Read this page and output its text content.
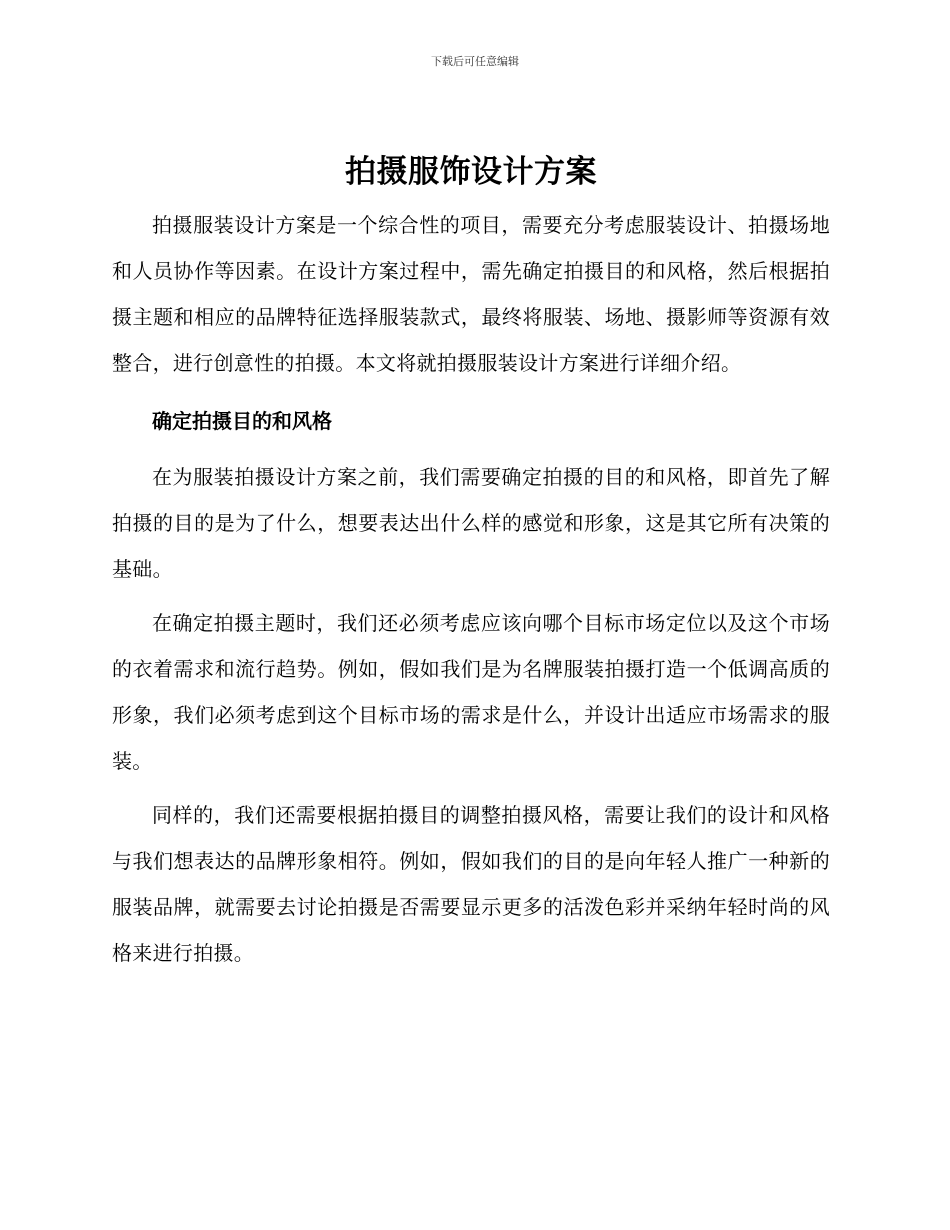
下载后可任意编辑
拍摄服饰设计方案

拍摄服装设计方案是一个综合性的项目，需要充分考虑服装设计、拍摄场地和人员协作等因素。在设计方案过程中，需先确定拍摄目的和风格，然后根据拍摄主题和相应的品牌特征选择服装款式，最终将服装、场地、摄影师等资源有效整合，进行创意性的拍摄。本文将就拍摄服装设计方案进行详细介绍。

确定拍摄目的和风格

在为服装拍摄设计方案之前，我们需要确定拍摄的目的和风格，即首先了解拍摄的目的是为了什么，想要表达出什么样的感觉和形象，这是其它所有决策的基础。

在确定拍摄主题时，我们还必须考虑应该向哪个目标市场定位以及这个市场的衣着需求和流行趋势。例如，假如我们是为名牌服装拍摄打造一个低调高质的形象，我们必须考虑到这个目标市场的需求是什么，并设计出适应市场需求的服装。

同样的，我们还需要根据拍摄目的调整拍摄风格，需要让我们的设计和风格与我们想表达的品牌形象相符。例如，假如我们的目的是向年轻人推广一种新的服装品牌，就需要去讨论拍摄是否需要显示更多的活泼色彩并采纳年轻时尚的风格来进行拍摄。
